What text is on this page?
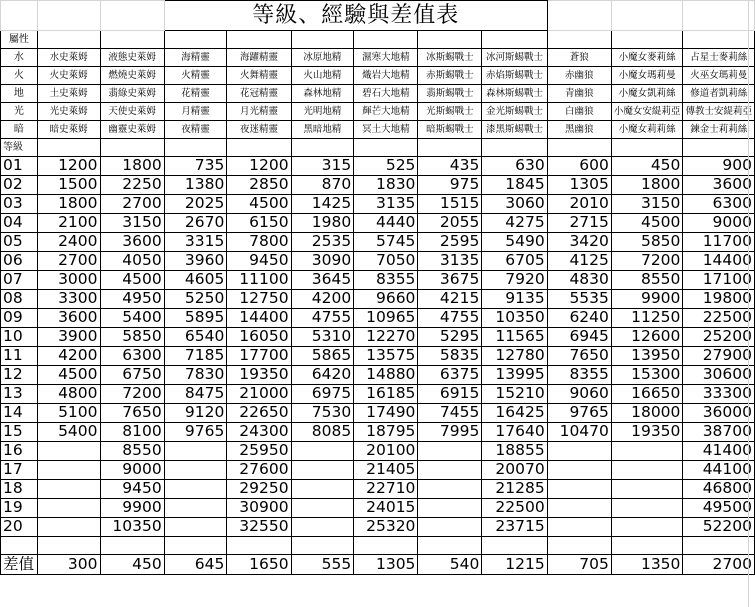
			等級、經驗與差值表								
屬性											
水	水史萊姆	液態史萊姆	海精靈	海躍精靈	冰原地精	濕寒大地精	冰斯蜴戰士	冰河斯蜴戰士	蒼狼	小魔女麥莉絲	占星士麥莉絲
火	火史萊姆	燃燒史萊姆	火精靈	火舞精靈	火山地精	熾岩大地精	赤斯蜴戰士	赤焰斯蜴戰士	赤幽狼	小魔女瑪莉曼	火巫女瑪莉曼
地	土史萊姆	翡綠史萊姆	花精靈	花冠精靈	森林地精	碧石大地精	翡斯蜴戰士	森林斯蜴戰士	青幽狼	小魔女凱莉絲	修道者凱莉絲
光	光史萊姆	天使史萊姆	月精靈	月光精靈	光明地精	輝芒大地精	光斯蜴戰士	金光斯蜴戰士	白幽狼	小魔女安緹莉亞	傳教士安緹莉亞
暗	暗史萊姆	幽靈史萊姆	夜精靈	夜迷精靈	黑暗地精	冥土大地精	暗斯蜴戰士	漆黑斯蜴戰士	黑幽狼	小魔女莉莉絲	鍊金士莉莉絲
等級											
01	1200	1800	735	1200	315	525	435	630	600	450	900
02	1500	2250	1380	2850	870	1830	975	1845	1305	1800	3600
03	1800	2700	2025	4500	1425	3135	1515	3060	2010	3150	6300
04	2100	3150	2670	6150	1980	4440	2055	4275	2715	4500	9000
05	2400	3600	3315	7800	2535	5745	2595	5490	3420	5850	11700
06	2700	4050	3960	9450	3090	7050	3135	6705	4125	7200	14400
07	3000	4500	4605	11100	3645	8355	3675	7920	4830	8550	17100
08	3300	4950	5250	12750	4200	9660	4215	9135	5535	9900	19800
09	3600	5400	5895	14400	4755	10965	4755	10350	6240	11250	22500
10	3900	5850	6540	16050	5310	12270	5295	11565	6945	12600	25200
11	4200	6300	7185	17700	5865	13575	5835	12780	7650	13950	27900
12	4500	6750	7830	19350	6420	14880	6375	13995	8355	15300	30600
13	4800	7200	8475	21000	6975	16185	6915	15210	9060	16650	33300
14	5100	7650	9120	22650	7530	17490	7455	16425	9765	18000	36000
15	5400	8100	9765	24300	8085	18795	7995	17640	10470	19350	38700
16		8550		25950		20100		18855			41400
17		9000		27600		21405		20070			44100
18		9450		29250		22710		21285			46800
19		9900		30900		24015		22500			49500
20		10350		32550		25320		23715			52200

差值	300	450	645	1650	555	1305	540	1215	705	1350	2700
